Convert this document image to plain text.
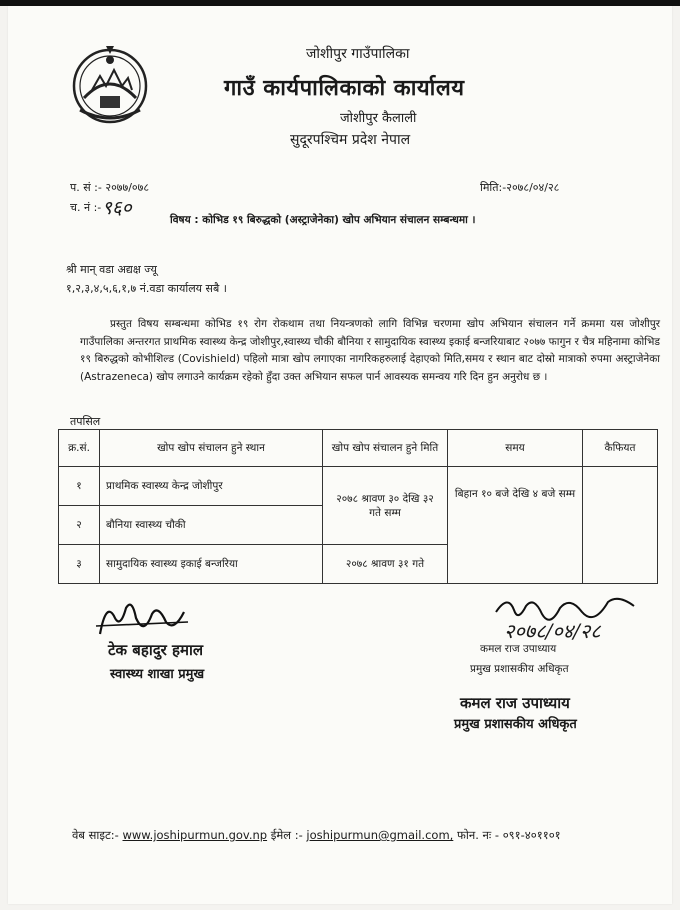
जोशीपुर गाउँपालिका
गाउँ कार्यपालिकाको कार्यालय
जोशीपुर कैलाली
सुदूरपश्चिम प्रदेश नेपाल
प. सं :- २०७७/०७८	मिति:-२०७८/०४/२८
च. नं :- ९६०
विषय : कोभिड १९ बिरुद्धको (अस्ट्राजेनेका) खोप अभियान संचालन सम्बन्धमा ।
श्री मान् वडा अद्यक्ष ज्यू
१,२,३,४,५,६,१,७ नं.वडा कार्यालय सबै ।

प्रस्तुत विषय सम्बन्धमा कोभिड १९ रोग रोकथाम तथा नियन्त्रणको लागि विभिन्न चरणमा खोप अभियान संचालन गर्ने क्रममा यस जोशीपुर गाउँपालिका अन्तरगत प्राथमिक स्वास्थ्य केन्द्र जोशीपुर,स्वास्थ्य चौकी बौनिया र सामुदायिक स्वास्थ्य इकाई बन्जरियाबाट २०७७ फागुन र चैत्र महिनामा कोभिड १९ बिरुद्धको कोभीशिल्ड (Covishield) पहिलो मात्रा खोप लगाएका नागरिकहरुलाई देहाएको मिति,समय र स्थान बाट दोस्रो मात्राको रुपमा अस्ट्राजेनेका (Astrazeneca) खोप लगाउने कार्यक्रम रहेको हुँदा उक्त अभियान सफल पार्न आवस्यक समन्वय गरि दिन हुन अनुरोध छ ।

तपसिल
क्र.सं.	खोप खोप संचालन हुने स्थान	खोप खोप संचालन हुने मिति	समय	कैफियत
१	प्राथमिक स्वास्थ्य केन्द्र जोशीपुर	२०७८ श्रावण ३० देखि ३२ गते सम्म	बिहान १० बजे देखि ४ बजे सम्म	
२	बौनिया स्वास्थ्य चौकी			
३	सामुदायिक स्वास्थ्य इकाई बन्जरिया	२०७८ श्रावण ३१ गते		
टेक बहादुर हमाल
स्वास्थ्य शाखा प्रमुख
२०७८/०४/२८
कमल राज उपाध्याय
प्रमुख प्रशासकीय अधिकृत
कमल राज उपाध्याय
प्रमुख प्रशासकीय अधिकृत
वेब साइट:- www.joshipurmun.gov.np ईमेल :- joshipurmun@gmail.com, फोन. नः - ०९१-४०११०१
